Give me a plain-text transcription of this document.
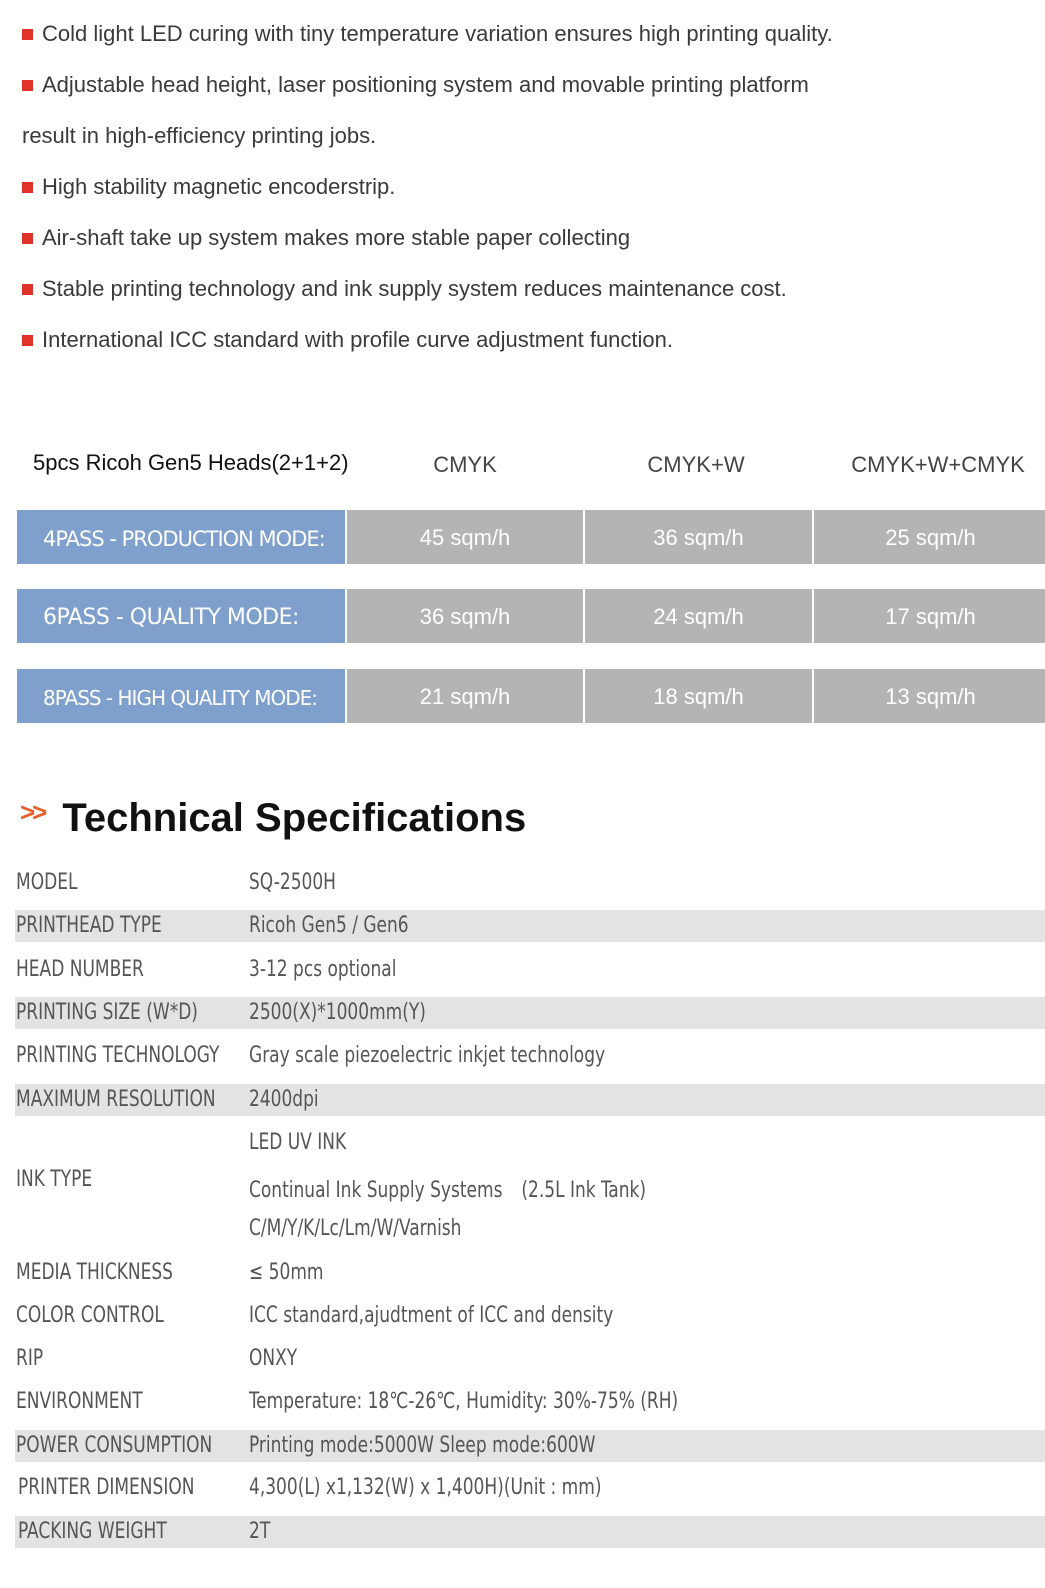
Cold light LED curing with tiny temperature variation ensures high printing quality.
Adjustable head height, laser positioning system and movable printing platform
result in high-efficiency printing jobs.
High stability magnetic encoderstrip.
Air-shaft take up system makes more stable paper collecting
Stable printing technology and ink supply system reduces maintenance cost.
International ICC standard with profile curve adjustment function.
5pcs Ricoh Gen5 Heads(2+1+2)	CMYK	CMYK+W	CMYK+W+CMYK
4PASS - PRODUCTION MODE:	45 sqm/h	36 sqm/h	25 sqm/h
6PASS - QUALITY MODE:	36 sqm/h	24 sqm/h	17 sqm/h
8PASS - HIGH QUALITY MODE:	21 sqm/h	18 sqm/h	13 sqm/h
>> Technical Specifications
MODEL	SQ-2500H
PRINTHEAD TYPE	Ricoh Gen5 / Gen6
HEAD NUMBER	3-12 pcs optional
PRINTING SIZE (W*D) 2500(X)*1000mm(Y)
PRINTING TECHNOLOGY Gray scale piezoelectric inkjet technology
MAXIMUM RESOLUTION 2400dpi
INK TYPE
LED UV INK
Continual Ink Supply Systems　(2.5L Ink Tank)
C/M/Y/K/Lc/Lm/W/Varnish
MEDIA THICKNESS	≤ 50mm
COLOR CONTROL	ICC standard,ajudtment of ICC and density
RIP	ONXY
ENVIRONMENT	Temperature: 18℃-26℃, Humidity: 30%-75% (RH)
POWER CONSUMPTION Printing mode:5000W Sleep mode:600W
PRINTER DIMENSION 4,300(L) x1,132(W) x 1,400H)(Unit : mm)
PACKING WEIGHT	2T
